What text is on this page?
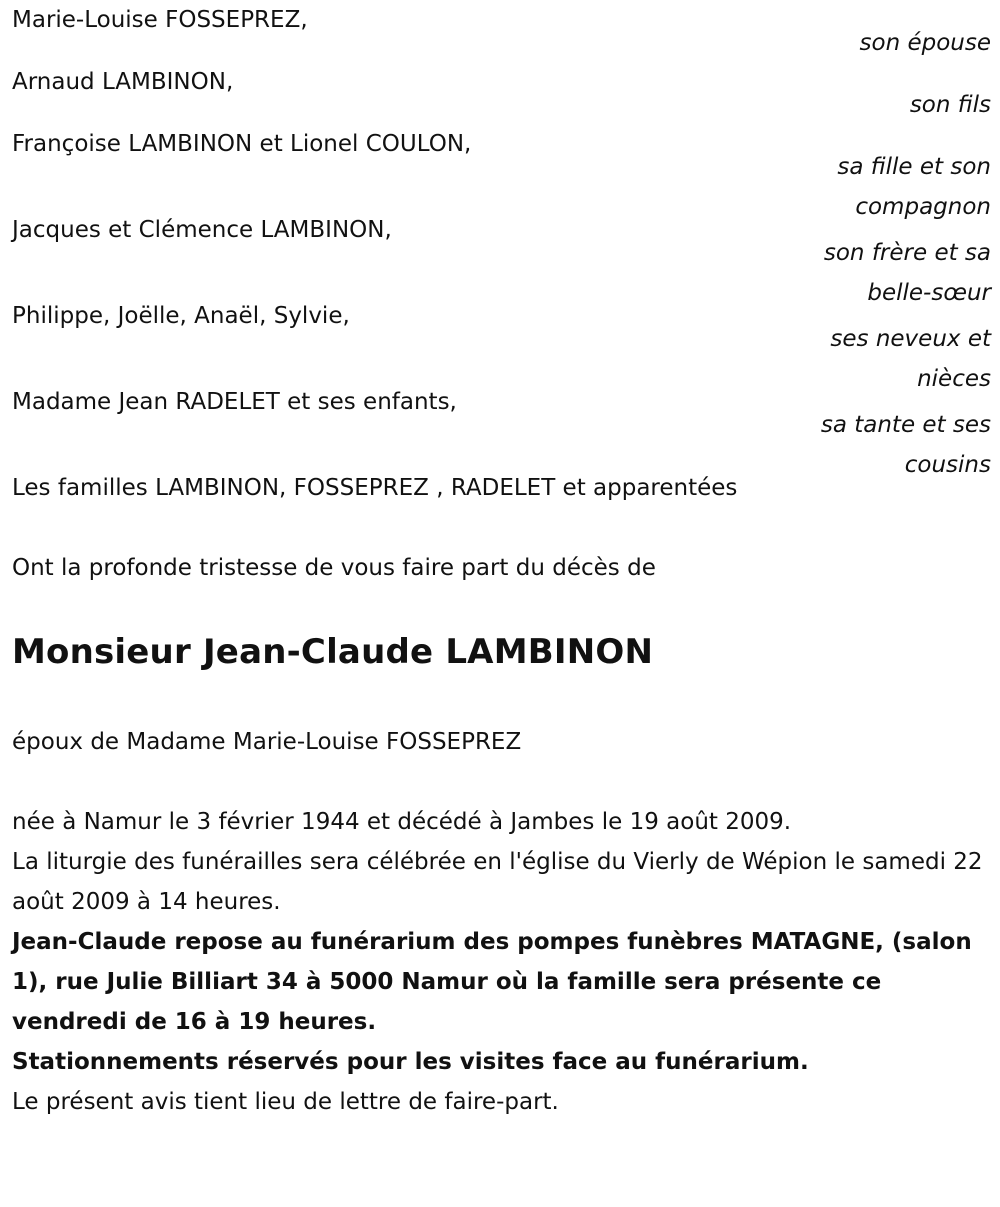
Marie-Louise FOSSEPREZ,

son épouse

Arnaud LAMBINON,

son fils

Françoise LAMBINON et Lionel COULON,

sa fille et son compagnon

Jacques et Clémence LAMBINON,

son frère et sa belle-sœur

Philippe, Joëlle, Anaël, Sylvie,

ses neveux et nièces

Madame Jean RADELET et ses enfants,

sa tante et ses cousins

Les familles LAMBINON, FOSSEPREZ , RADELET et apparentées

Ont la profonde tristesse de vous faire part du décès de

Monsieur Jean-Claude LAMBINON

époux de Madame Marie-Louise FOSSEPREZ

née à Namur le 3 février 1944 et décédé à Jambes le 19 août 2009.

La liturgie des funérailles sera célébrée en l'église du Vierly de Wépion le samedi 22 août 2009 à 14 heures.

Jean-Claude repose au funérarium des pompes funèbres MATAGNE, (salon 1), rue Julie Billiart 34 à 5000 Namur où la famille sera présente ce vendredi de 16 à 19 heures.

Stationnements réservés pour les visites face au funérarium.

Le présent avis tient lieu de lettre de faire-part.
